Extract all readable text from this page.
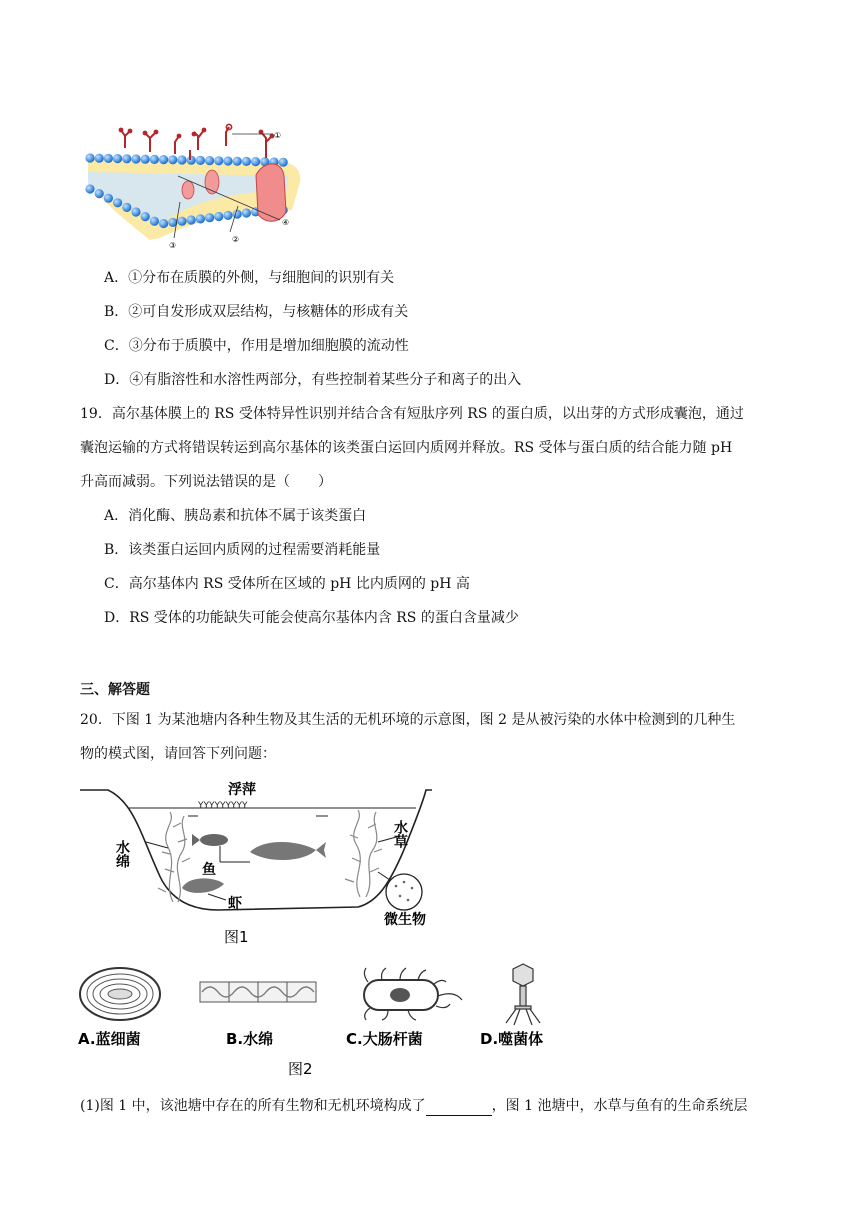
①
④
②
③
A．①分布在质膜的外侧，与细胞间的识别有关
B．②可自发形成双层结构，与核糖体的形成有关
C．③分布于质膜中，作用是增加细胞膜的流动性
D．④有脂溶性和水溶性两部分，有些控制着某些分子和离子的出入
19．高尔基体膜上的 RS 受体特异性识别并结合含有短肽序列 RS 的蛋白质，以出芽的方式形成囊泡，通过
囊泡运输的方式将错误转运到高尔基体的该类蛋白运回内质网并释放。RS 受体与蛋白质的结合能力随 pH
升高而减弱。下列说法错误的是（　　）
A．消化酶、胰岛素和抗体不属于该类蛋白
B．该类蛋白运回内质网的过程需要消耗能量
C．高尔基体内 RS 受体所在区域的 pH 比内质网的 pH 高
D．RS 受体的功能缺失可能会使高尔基体内含 RS 的蛋白含量减少
三、解答题
20．下图 1 为某池塘内各种生物及其生活的无机环境的示意图，图 2 是从被污染的水体中检测到的几种生
物的模式图，请回答下列问题：
ΥΥΥΥΥΥΥΥΥ
浮萍
水绵
水草
鱼
虾
微生物
图1
A.蓝细菌	B.水绵	C.大肠杆菌	D.噬菌体
图2
(1)图 1 中，该池塘中存在的所有生物和无机环境构成了	，图 1 池塘中，水草与鱼有的生命系统层
